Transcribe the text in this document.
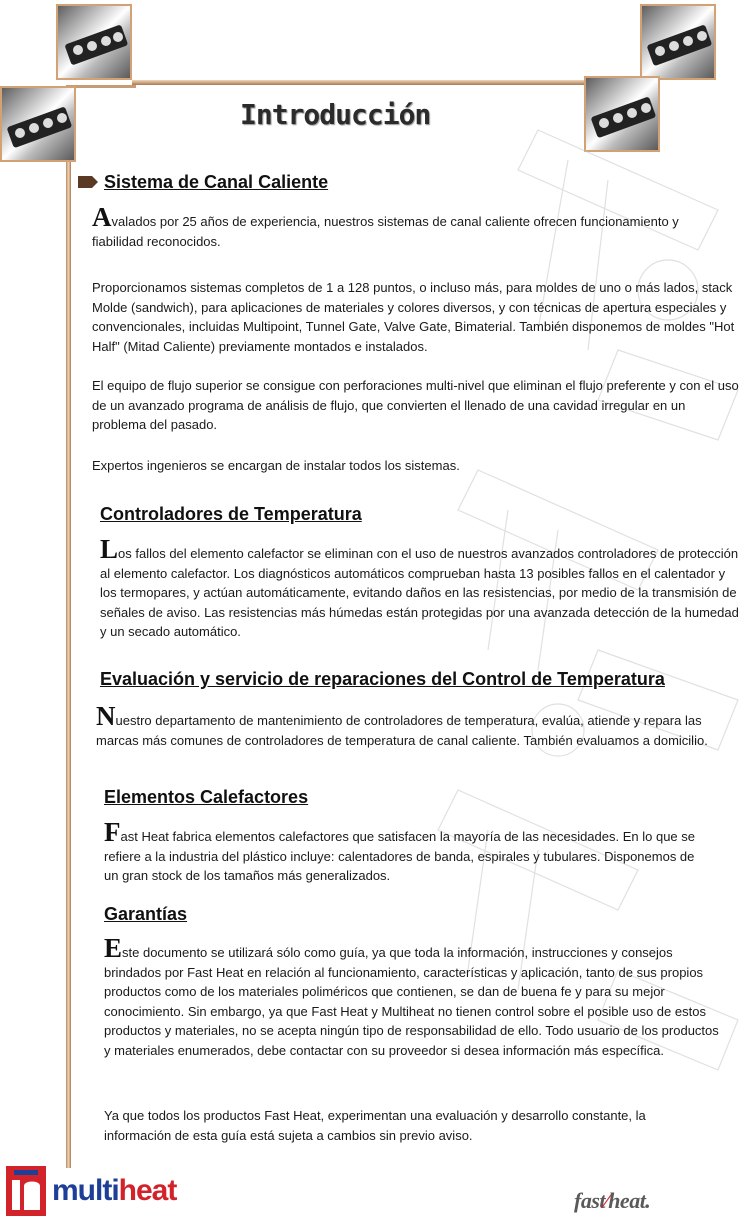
Introducción
Sistema de Canal Caliente

Avalados por 25 años de experiencia, nuestros sistemas de canal caliente ofrecen funcionamiento y fiabilidad reconocidos.

Proporcionamos sistemas completos de 1 a 128 puntos, o incluso más, para moldes de uno o más lados, stack Molde (sandwich), para aplicaciones de materiales y colores diversos, y con técnicas de apertura especiales y convencionales, incluidas Multipoint, Tunnel Gate, Valve Gate, Bimaterial. También disponemos de moldes "Hot Half" (Mitad Caliente) previamente montados e instalados.

El equipo de flujo superior se consigue con perforaciones multi-nivel que eliminan el flujo preferente y con el uso de un avanzado programa de análisis de flujo, que convierten el llenado de una cavidad irregular en un problema del pasado.

Expertos ingenieros se encargan de instalar todos los sistemas.

Controladores de Temperatura

Los fallos del elemento calefactor se eliminan con el uso de nuestros avanzados controladores de protección al elemento calefactor. Los diagnósticos automáticos comprueban hasta 13 posibles fallos en el calentador y los termopares, y actúan automáticamente, evitando daños en las resistencias, por medio de la transmisión de señales de aviso. Las resistencias más húmedas están protegidas por una avanzada detección de la humedad y un secado automático.

Evaluación y servicio de reparaciones del Control de Temperatura

Nuestro departamento de mantenimiento de controladores de temperatura, evalúa, atiende y repara las marcas más comunes de controladores de temperatura de canal caliente. También evaluamos a domicilio.

Elementos Calefactores

Fast Heat fabrica elementos calefactores que satisfacen la mayoría de las necesidades. En lo que se refiere a la industria del plástico incluye: calentadores de banda, espirales y tubulares. Disponemos de un gran stock de los tamaños más generalizados.

Garantías

Este documento se utilizará sólo como guía, ya que toda la información, instrucciones y consejos brindados por Fast Heat en relación al funcionamiento, características y aplicación, tanto de sus propios productos como de los materiales poliméricos que contienen, se dan de buena fe y para su mejor conocimiento. Sin embargo, ya que Fast Heat y Multiheat no tienen control sobre el posible uso de estos productos y materiales, no se acepta ningún tipo de responsabilidad de ello. Todo usuario de los productos y materiales enumerados, debe contactar con su proveedor si desea información más específica.

Ya que todos los productos Fast Heat, experimentan una evaluación y desarrollo constante, la información de esta guía está sujeta a cambios sin previo aviso.

multiheat	fast⁄heat.
